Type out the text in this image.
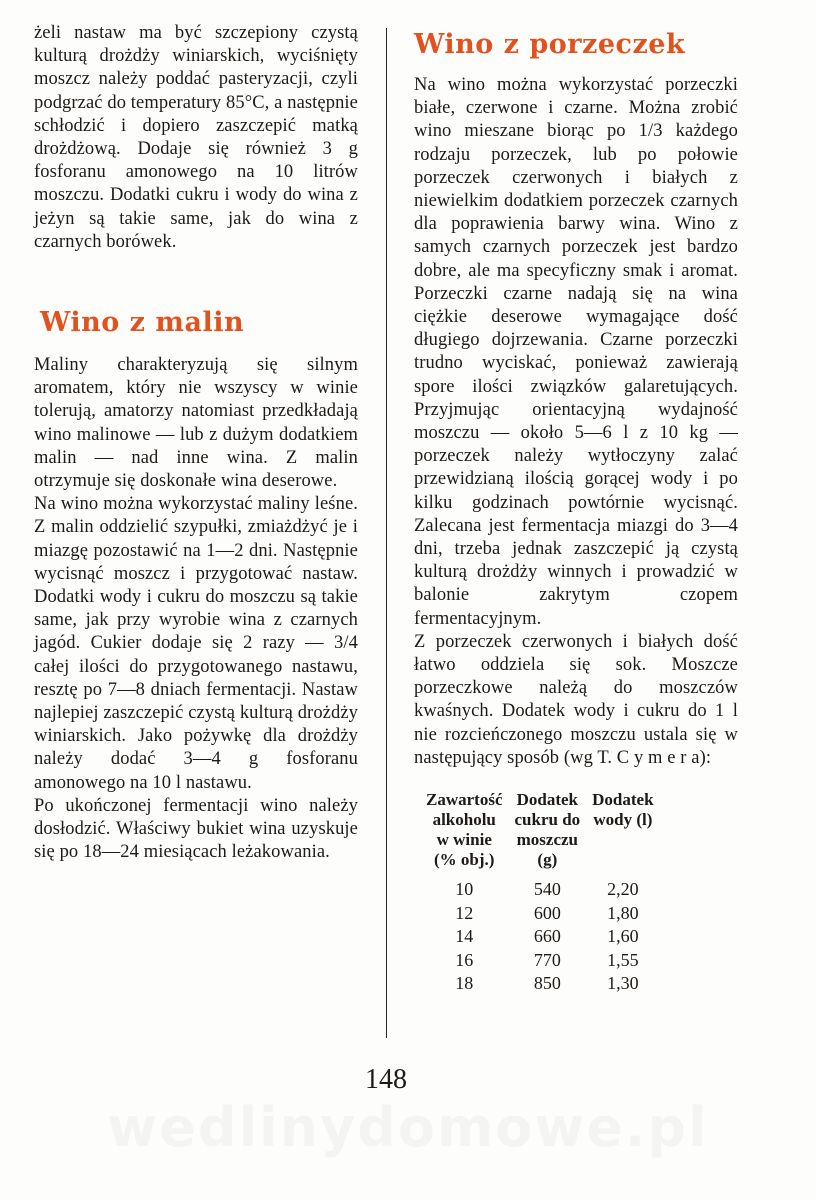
żeli nastaw ma być szczepiony czystą kulturą drożdży winiarskich, wyciśnięty moszcz należy poddać pasteryzacji, czyli podgrzać do temperatury 85°C, a następnie schłodzić i dopiero zaszczepić matką drożdżową. Dodaje się również 3 g fosforanu amonowego na 10 litrów moszczu. Dodatki cukru i wody do wina z jeżyn są takie same, jak do wina z czarnych borówek.

Wino z malin

Maliny charakteryzują się silnym aromatem, który nie wszyscy w winie tolerują, amatorzy natomiast przedkładają wino malinowe — lub z dużym dodatkiem malin — nad inne wina. Z malin otrzymuje się doskonałe wina deserowe.

Na wino można wykorzystać maliny leśne. Z malin oddzielić szypułki, zmiażdżyć je i miazgę pozostawić na 1—2 dni. Następnie wycisnąć moszcz i przygotować nastaw. Dodatki wody i cukru do moszczu są takie same, jak przy wyrobie wina z czarnych jagód. Cukier dodaje się 2 razy — 3/4 całej ilości do przygotowanego nastawu, resztę po 7—8 dniach fermentacji. Nastaw najlepiej zaszczepić czystą kulturą drożdży winiarskich. Jako pożywkę dla drożdży należy dodać 3—4 g fosforanu amonowego na 10 l nastawu.

Po ukończonej fermentacji wino należy dosłodzić. Właściwy bukiet wina uzyskuje się po 18—24 miesiącach leżakowania.

Wino z porzeczek

Na wino można wykorzystać porzeczki białe, czerwone i czarne. Można zrobić wino mieszane biorąc po 1/3 każdego rodzaju porzeczek, lub po połowie porzeczek czerwonych i białych z niewielkim dodatkiem porzeczek czarnych dla poprawienia barwy wina. Wino z samych czarnych porzeczek jest bardzo dobre, ale ma specyficzny smak i aromat. Porzeczki czarne nadają się na wina ciężkie deserowe wymagające dość długiego dojrzewania. Czarne porzeczki trudno wyciskać, ponieważ zawierają spore ilości związków galaretujących. Przyjmując orientacyjną wydajność moszczu — około 5—6 l z 10 kg — porzeczek należy wytłoczyny zalać przewidzianą ilością gorącej wody i po kilku godzinach powtórnie wycisnąć. Zalecana jest fermentacja miazgi do 3—4 dni, trzeba jednak zaszczepić ją czystą kulturą drożdży winnych i prowadzić w balonie zakrytym czopem fermentacyjnym.

Z porzeczek czerwonych i białych dość łatwo oddziela się sok. Moszcze porzeczkowe należą do moszczów kwaśnych. Dodatek wody i cukru do 1 l nie rozcieńczonego moszczu ustala się w następujący sposób (wg T. C y m e r a):

Zawartość
alkoholu
w winie
(% obj.)	Dodatek
cukru do
moszczu
(g)	Dodatek
wody (l)

10	540	2,20
12	600	1,80
14	660	1,60
16	770	1,55
18	850	1,30
148
